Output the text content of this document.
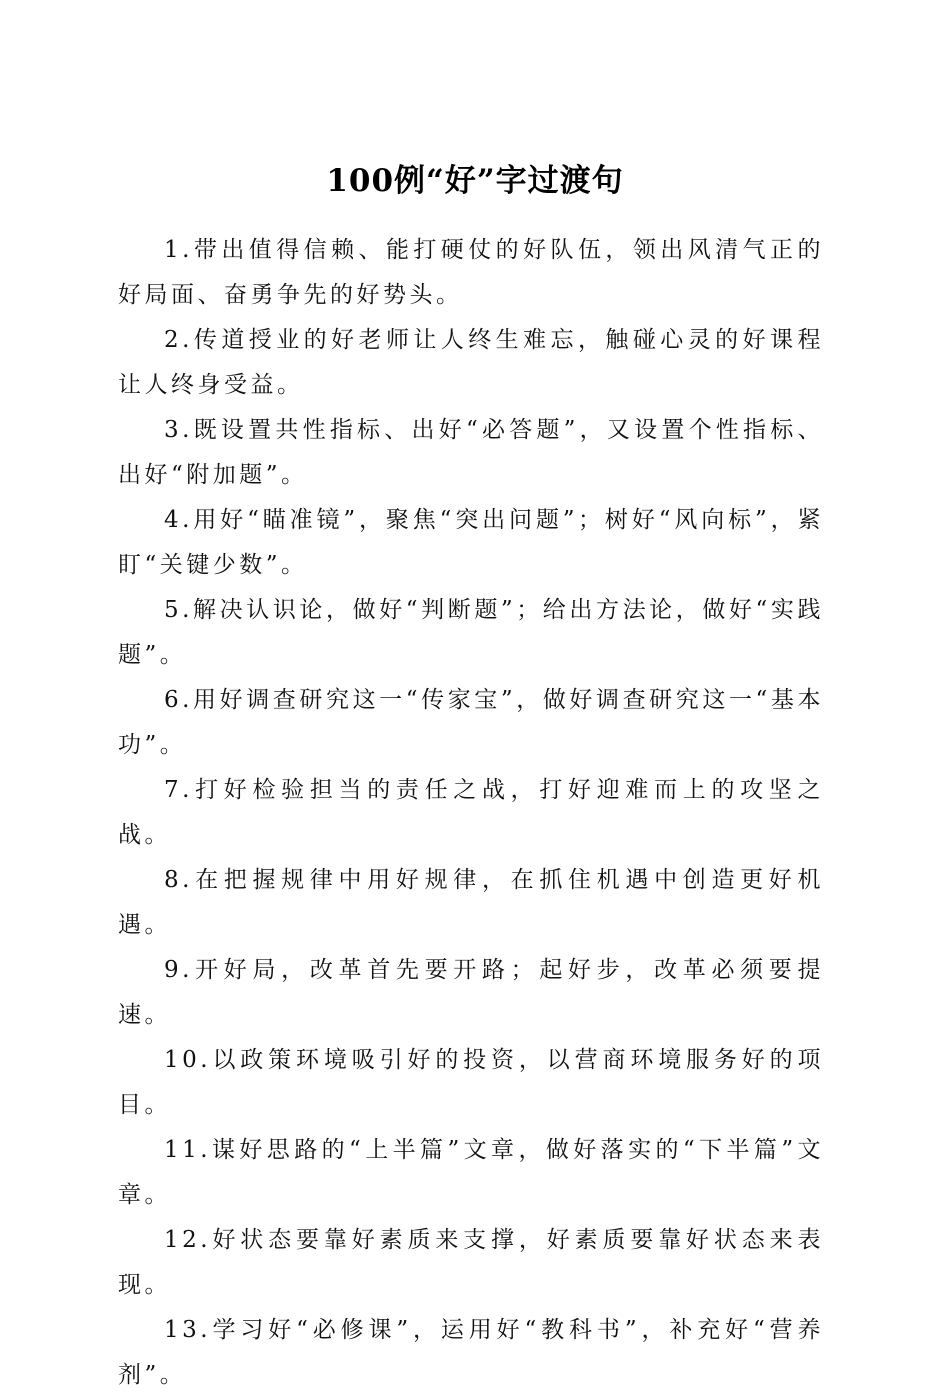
100例“好”字过渡句

1.带出值得信赖、能打硬仗的好队伍，领出风清气正的好局面、奋勇争先的好势头。

2.传道授业的好老师让人终生难忘，触碰心灵的好课程让人终身受益。

3.既设置共性指标、出好“必答题”，又设置个性指标、出好“附加题”。

4.用好“瞄准镜”，聚焦“突出问题”；树好“风向标”，紧盯“关键少数”。

5.解决认识论，做好“判断题”；给出方法论，做好“实践题”。

6.用好调查研究这一“传家宝”，做好调查研究这一“基本功”。

7.打好检验担当的责任之战，打好迎难而上的攻坚之战。

8.在把握规律中用好规律，在抓住机遇中创造更好机遇。

9.开好局，改革首先要开路；起好步，改革必须要提速。

10.以政策环境吸引好的投资，以营商环境服务好的项目。

11.谋好思路的“上半篇”文章，做好落实的“下半篇”文章。

12.好状态要靠好素质来支撑，好素质要靠好状态来表现。

13.学习好“必修课”，运用好“教科书”，补充好“营养剂”。
